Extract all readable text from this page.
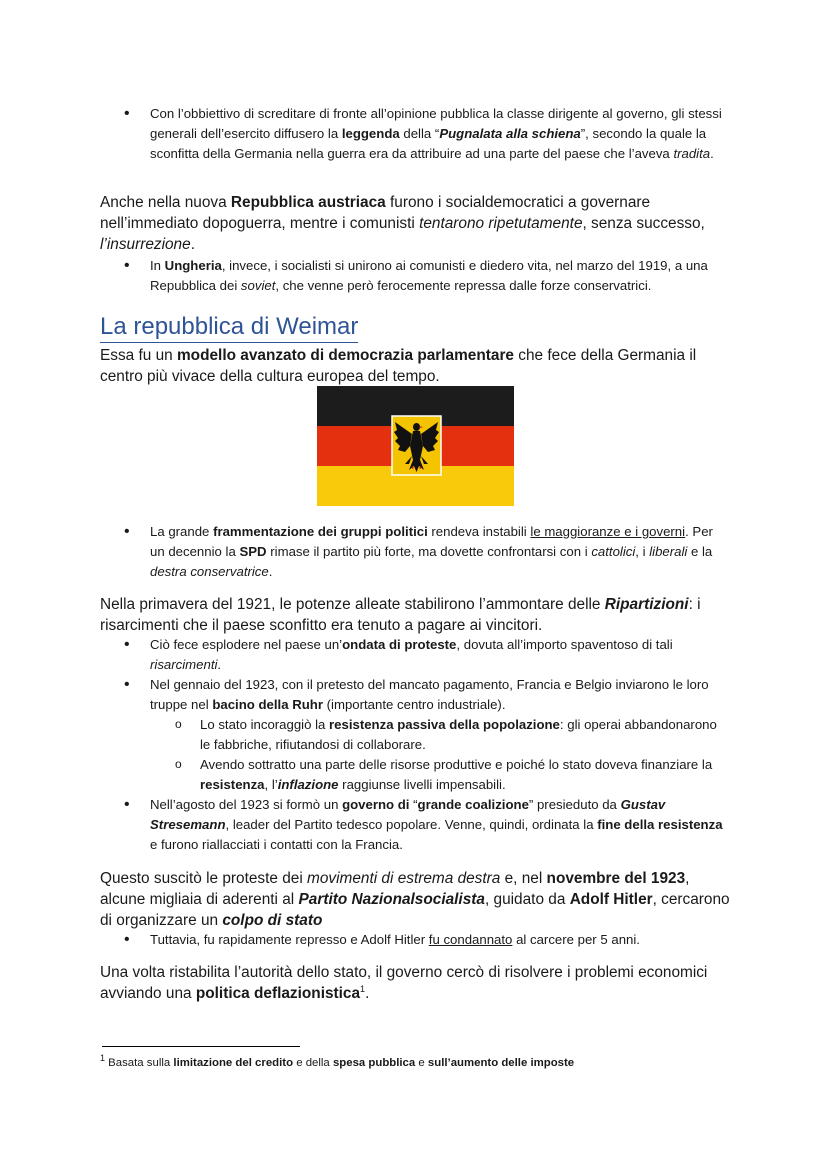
• Con l’obbiettivo di screditare di fronte all’opinione pubblica la classe dirigente al governo, gli stessi generali dell’esercito diffusero la leggenda della “Pugnalata alla schiena”, secondo la quale la sconfitta della Germania nella guerra era da attribuire ad una parte del paese che l’aveva tradita.

Anche nella nuova Repubblica austriaca furono i socialdemocratici a governare nell’immediato dopoguerra, mentre i comunisti tentarono ripetutamente, senza successo, l’insurrezione.

• In Ungheria, invece, i socialisti si unirono ai comunisti e diedero vita, nel marzo del 1919, a una Repubblica dei soviet, che venne però ferocemente repressa dalle forze conservatrici.
La repubblica di Weimar

Essa fu un modello avanzato di democrazia parlamentare che fece della Germania il centro più vivace della cultura europea del tempo.

• La grande frammentazione dei gruppi politici rendeva instabili le maggioranze e i governi. Per un decennio la SPD rimase il partito più forte, ma dovette confrontarsi con i cattolici, i liberali e la destra conservatrice.

Nella primavera del 1921, le potenze alleate stabilirono l’ammontare delle Ripartizioni: i risarcimenti che il paese sconfitto era tenuto a pagare ai vincitori.

• Ciò fece esplodere nel paese un’ondata di proteste, dovuta all’importo spaventoso di tali risarcimenti.
• Nel gennaio del 1923, con il pretesto del mancato pagamento, Francia e Belgio inviarono le loro truppe nel bacino della Ruhr (importante centro industriale).
o Lo stato incoraggiò la resistenza passiva della popolazione: gli operai abbandonarono le fabbriche, rifiutandosi di collaborare.
o Avendo sottratto una parte delle risorse produttive e poiché lo stato doveva finanziare la resistenza, l’inflazione raggiunse livelli impensabili.
• Nell’agosto del 1923 si formò un governo di “grande coalizione” presieduto da Gustav Stresemann, leader del Partito tedesco popolare. Venne, quindi, ordinata la fine della resistenza e furono riallacciati i contatti con la Francia.

Questo suscitò le proteste dei movimenti di estrema destra e, nel novembre del 1923, alcune migliaia di aderenti al Partito Nazionalsocialista, guidato da Adolf Hitler, cercarono di organizzare un colpo di stato

• Tuttavia, fu rapidamente represso e Adolf Hitler fu condannato al carcere per 5 anni.

Una volta ristabilita l’autorità dello stato, il governo cercò di risolvere i problemi economici avviando una politica deflazionistica$^1$.

$^1$ Basata sulla limitazione del credito e della spesa pubblica e sull’aumento delle imposte
